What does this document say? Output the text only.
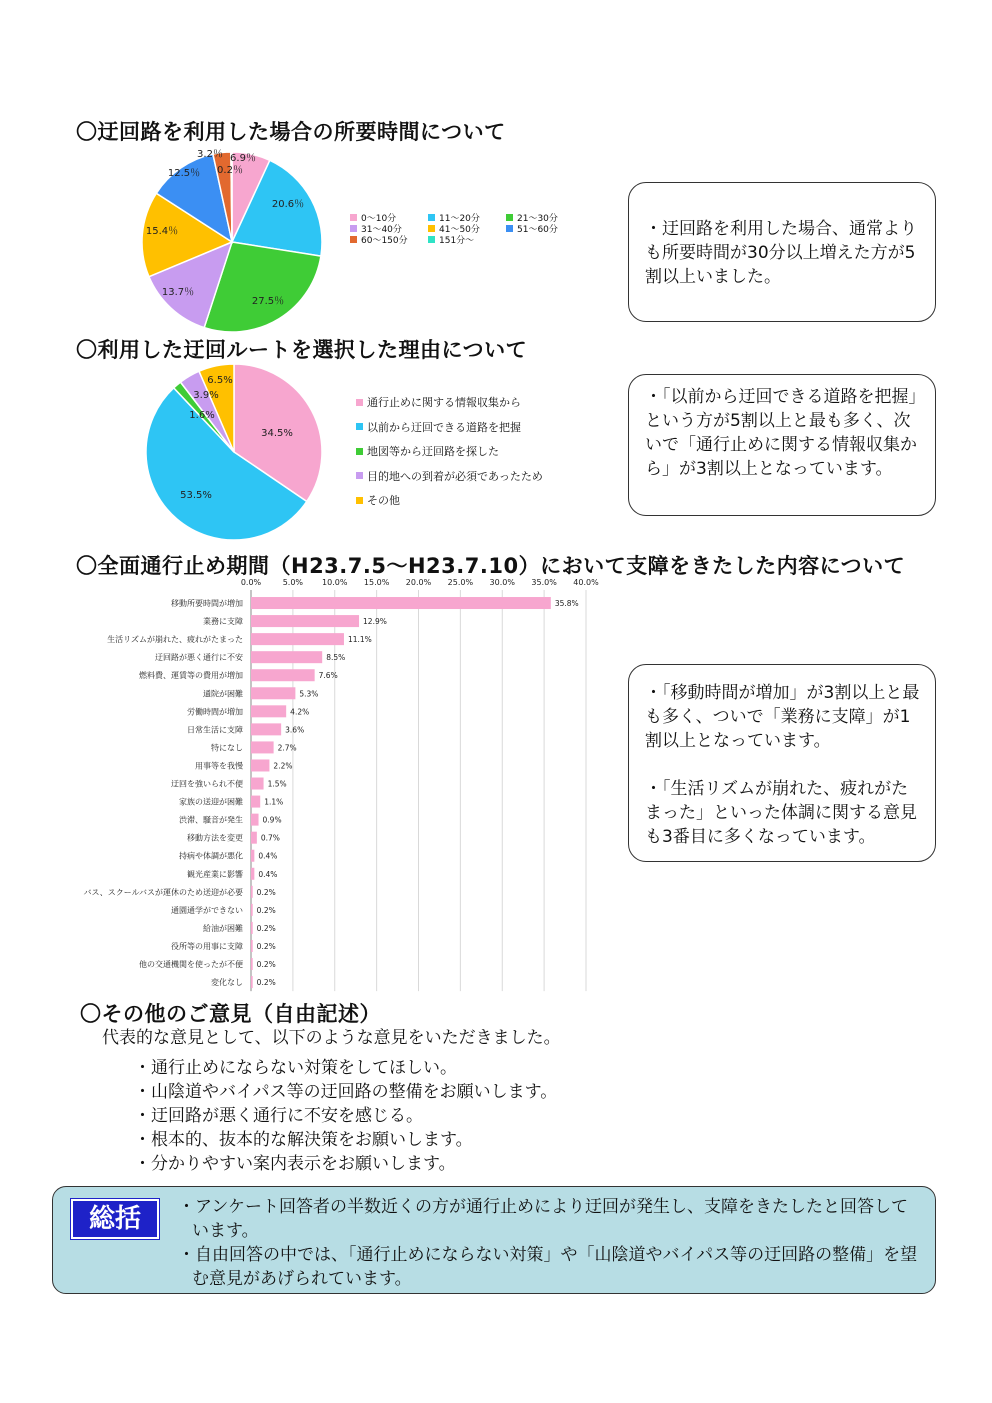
〇迂回路を利用した場合の所要時間について
6.9％
20.6％
27.5％
13.7％
15.4％
12.5％
3.2％
0.2％
0～10分	11～20分	21～30分
31～40分	41～50分	51～60分
60～150分	151分～

・迂回路を利用した場合、通常よりも所要時間が30分以上増えた方が5割以上いました。

〇利用した迂回ルートを選択した理由について
34.5%
53.5%
1.6%
3.9%
6.5%
通行止めに関する情報収集から
以前から迂回できる道路を把握
地図等から迂回路を探した
目的地への到着が必須であったため
その他

・「以前から迂回できる道路を把握」という方が5割以上と最も多く、次いで「通行止めに関する情報収集から」が3割以上となっています。

〇全面通行止め期間（H23.7.5～H23.7.10）において支障をきたした内容について
0.0%	5.0% 10.0% 15.0% 20.0% 25.0% 30.0% 35.0% 40.0%
移動所要時間が増加	35.8%
業務に支障	12.9%
生活リズムが崩れた、疲れがたまった	11.1%
迂回路が悪く通行に不安	8.5%
燃料費、運賃等の費用が増加	7.6%
通院が困難	5.3%
労働時間が増加	4.2%
日常生活に支障	3.6%
特になし	2.7%
用事等を我慢	2.2%
迂回を強いられ不便	1.5%
家族の送迎が困難	1.1%
渋滞、騒音が発生	0.9%
移動方法を変更 0.7%
持病や体調が悪化 0.4%
観光産業に影響 0.4%
バス、スクールバスが運休のため送迎が必要 0.2%
通園通学ができない 0.2%
給油が困難 0.2%
役所等の用事に支障 0.2%
他の交通機関を使ったが不便 0.2%
変化なし 0.2%

・「移動時間が増加」が3割以上と最も多く、ついで「業務に支障」が1割以上となっています。

・「生活リズムが崩れた、疲れがたまった」といった体調に関する意見も3番目に多くなっています。

〇その他のご意見（自由記述）

代表的な意見として、以下のような意見をいただきました。

・通行止めにならない対策をしてほしい。
・山陰道やバイパス等の迂回路の整備をお願いします。
・迂回路が悪く通行に不安を感じる。
・根本的、抜本的な解決策をお願いします。
・分かりやすい案内表示をお願いします。
総括	・アンケート回答者の半数近くの方が通行止めにより迂回が発生し、支障をきたしたと回答しています。

・自由回答の中では、「通行止めにならない対策」や「山陰道やバイパス等の迂回路の整備」を望む意見があげられています。
